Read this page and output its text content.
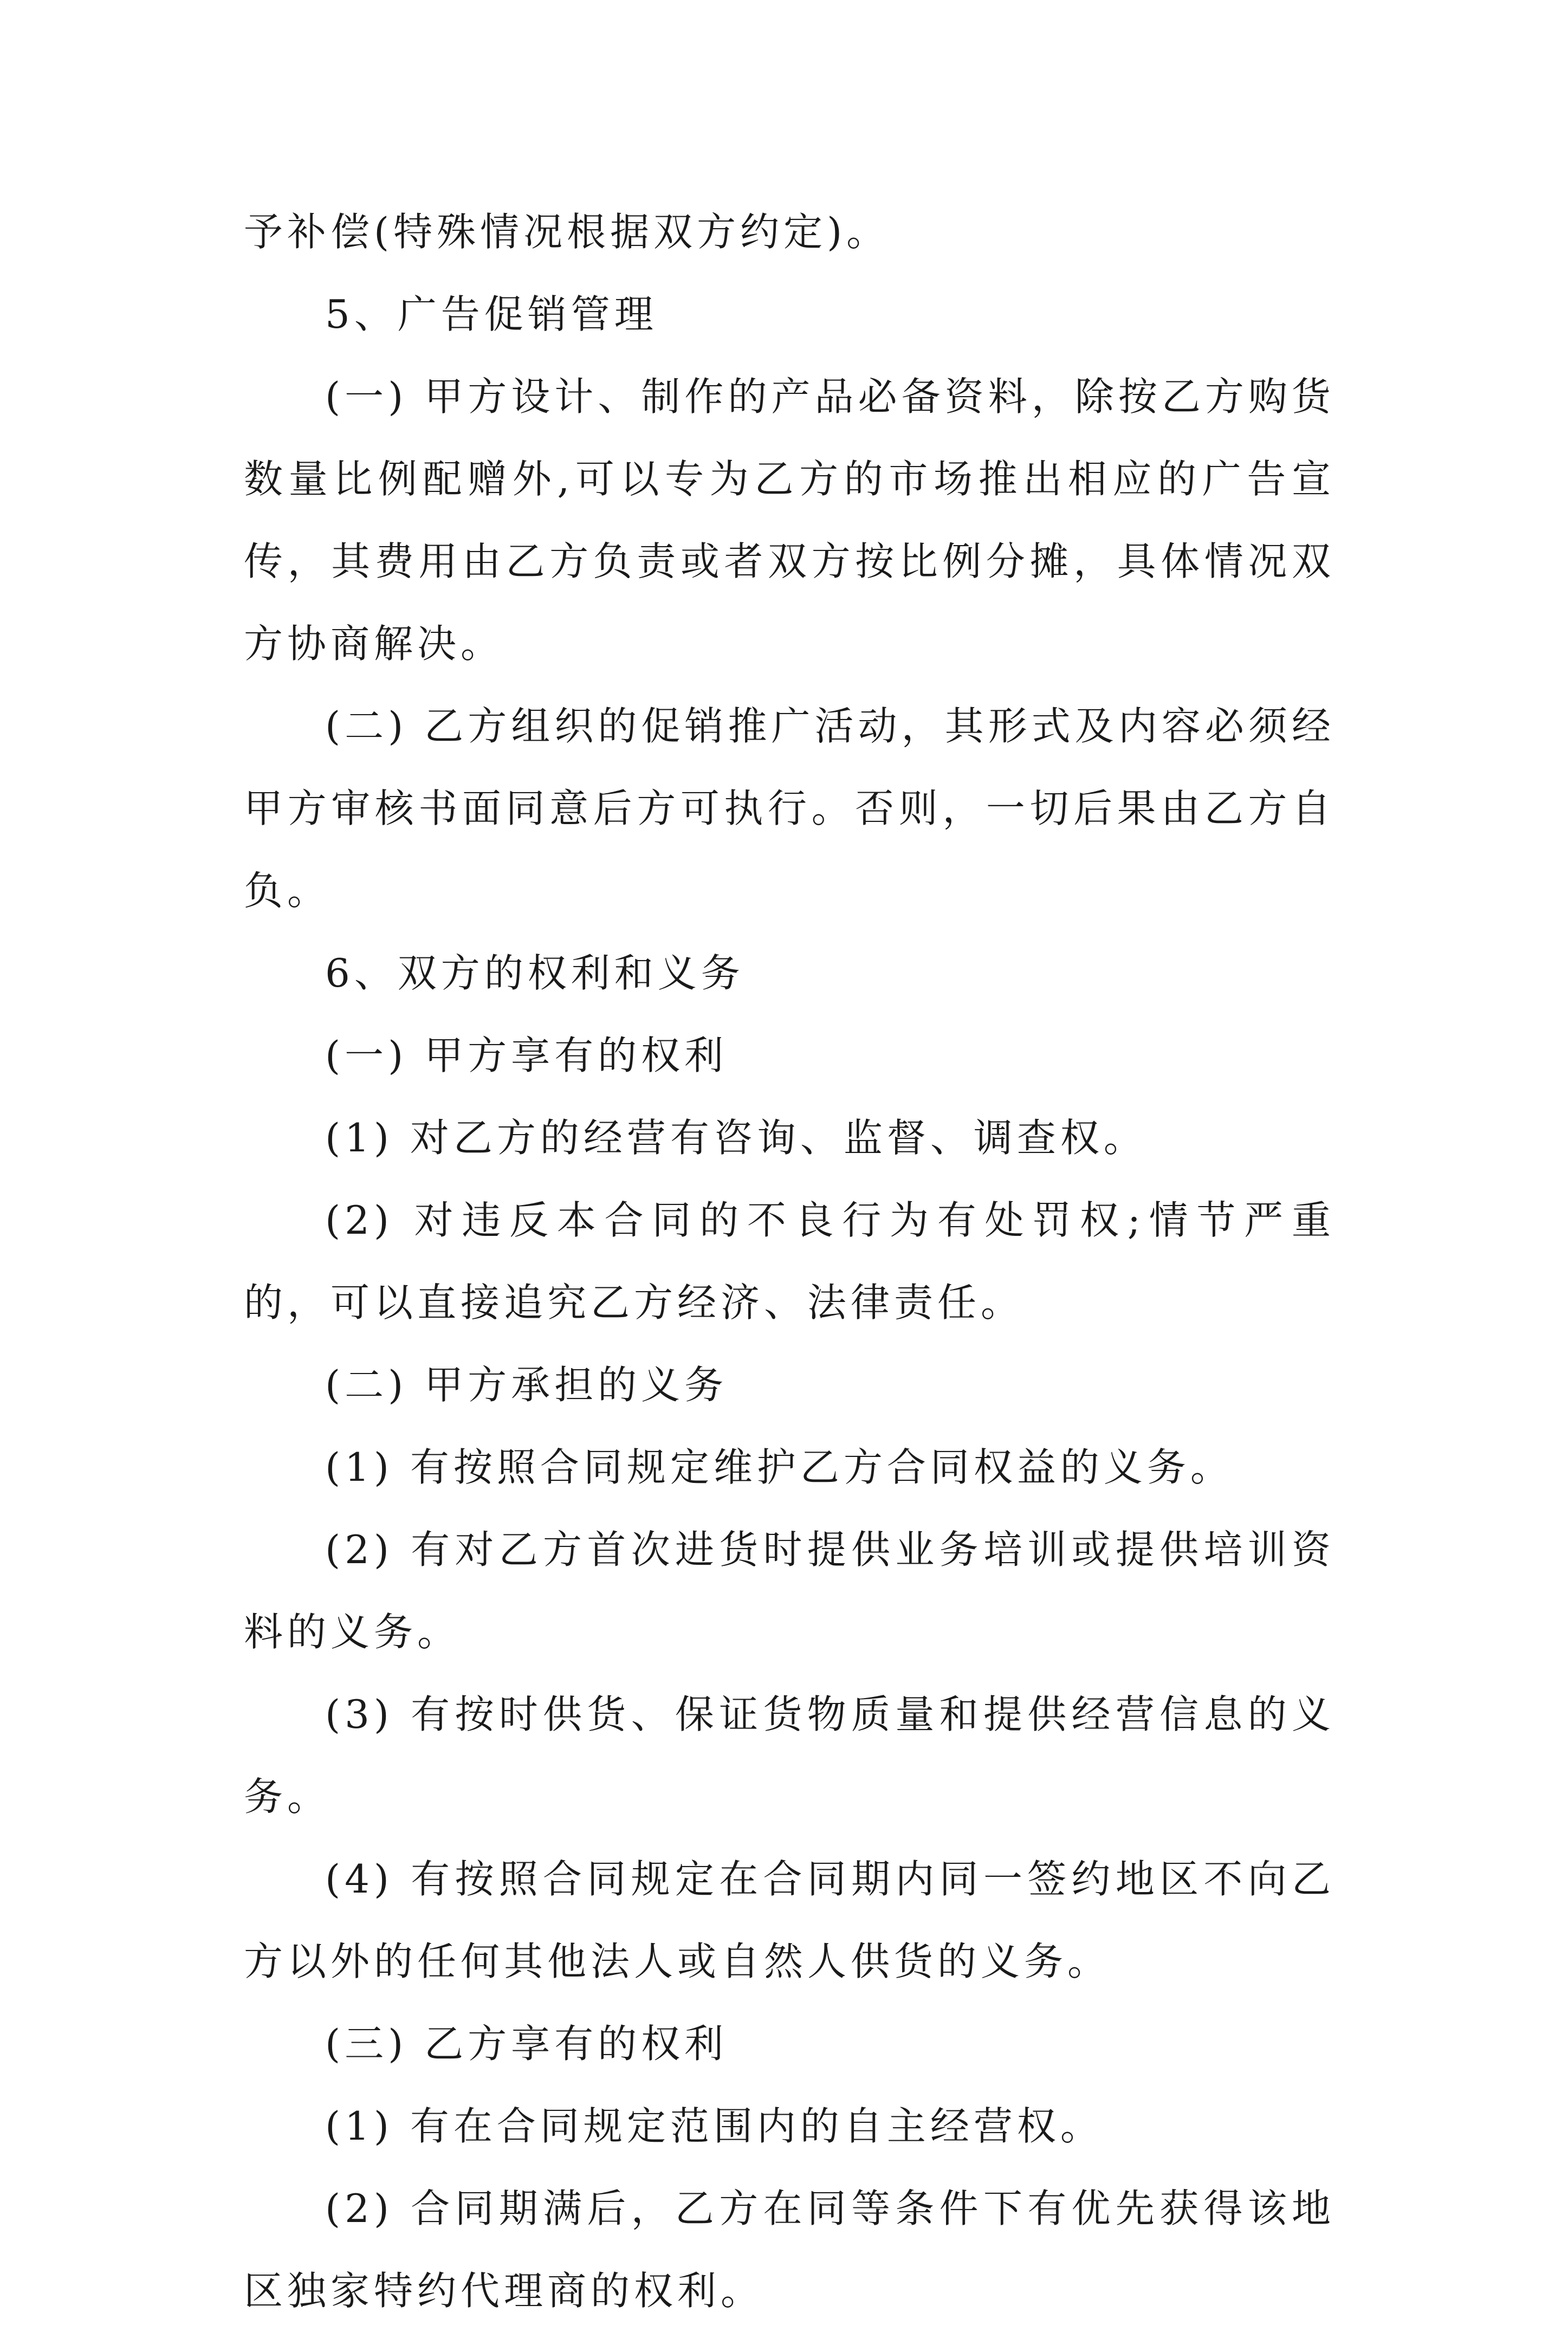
予补偿(特殊情况根据双方约定)。

5、广告促销管理

(一) 甲方设计、制作的产品必备资料，除按乙方购货数量比例配赠外,可以专为乙方的市场推出相应的广告宣传，其费用由乙方负责或者双方按比例分摊，具体情况双方协商解决。

(二) 乙方组织的促销推广活动，其形式及内容必须经甲方审核书面同意后方可执行。否则，一切后果由乙方自负。

6、双方的权利和义务

(一) 甲方享有的权利

(1) 对乙方的经营有咨询、监督、调查权。

(2) 对违反本合同的不良行为有处罚权;情节严重的，可以直接追究乙方经济、法律责任。

(二) 甲方承担的义务

(1) 有按照合同规定维护乙方合同权益的义务。

(2) 有对乙方首次进货时提供业务培训或提供培训资料的义务。

(3) 有按时供货、保证货物质量和提供经营信息的义务。

(4) 有按照合同规定在合同期内同一签约地区不向乙方以外的任何其他法人或自然人供货的义务。

(三) 乙方享有的权利

(1) 有在合同规定范围内的自主经营权。

(2) 合同期满后，乙方在同等条件下有优先获得该地区独家特约代理商的权利。
